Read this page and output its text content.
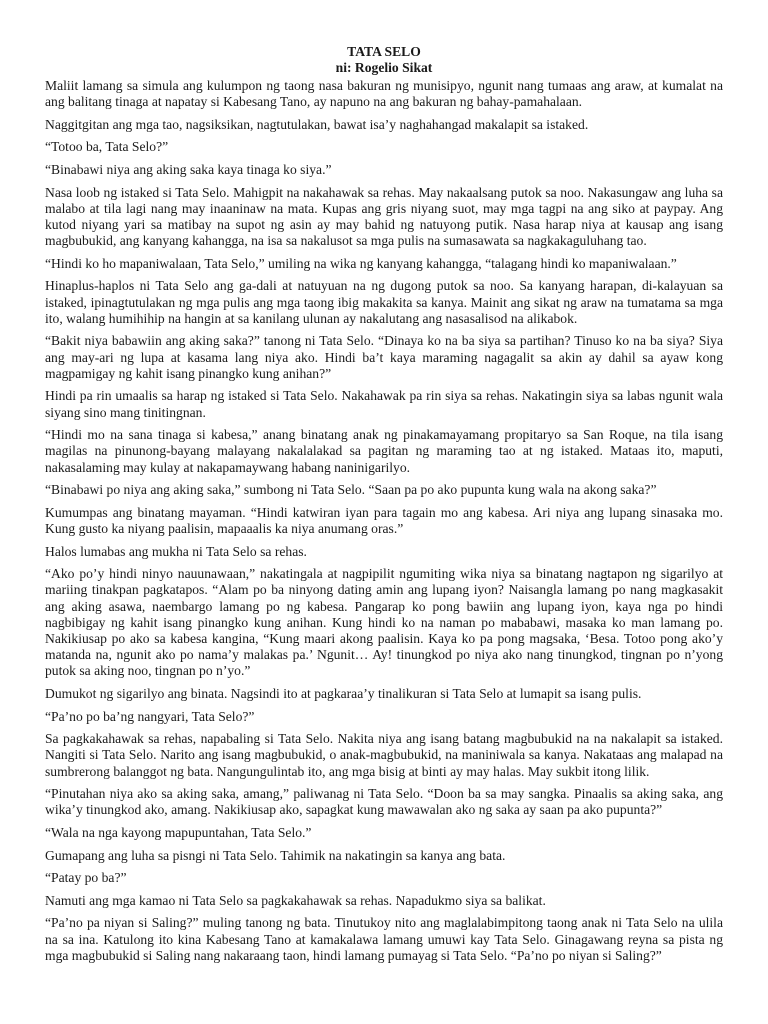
TATA SELO
ni: Rogelio Sikat

Maliit lamang sa simula ang kulumpon ng taong nasa bakuran ng munisipyo, ngunit nang tumaas ang araw, at kumalat na ang balitang tinaga at napatay si Kabesang Tano, ay napuno na ang bakuran ng bahay-pamahalaan.

Naggitgitan ang mga tao, nagsiksikan, nagtutulakan, bawat isa’y naghahangad makalapit sa istaked.

“Totoo ba, Tata Selo?”

“Binabawi niya ang aking saka kaya tinaga ko siya.”

Nasa loob ng istaked si Tata Selo. Mahigpit na nakahawak sa rehas. May nakaalsang putok sa noo. Nakasungaw ang luha sa malabo at tila lagi nang may inaaninaw na mata. Kupas ang gris niyang suot, may mga tagpi na ang siko at paypay. Ang kutod niyang yari sa matibay na supot ng asin ay may bahid ng natuyong putik. Nasa harap niya at kausap ang isang magbubukid, ang kanyang kahangga, na isa sa nakalusot sa mga pulis na sumasawata sa nagkakaguluhang tao.

“Hindi ko ho mapaniwalaan, Tata Selo,” umiling na wika ng kanyang kahangga, “talagang hindi ko mapaniwalaan.”

Hinaplus-haplos ni Tata Selo ang ga-dali at natuyuan na ng dugong putok sa noo. Sa kanyang harapan, di-kalayuan sa istaked, ipinagtutulakan ng mga pulis ang mga taong ibig makakita sa kanya. Mainit ang sikat ng araw na tumatama sa mga ito, walang humihihip na hangin at sa kanilang ulunan ay nakalutang ang nasasalisod na alikabok.

“Bakit niya babawiin ang aking saka?” tanong ni Tata Selo. “Dinaya ko na ba siya sa partihan? Tinuso ko na ba siya? Siya ang may-ari ng lupa at kasama lang niya ako. Hindi ba’t kaya maraming nagagalit sa akin ay dahil sa ayaw kong magpamigay ng kahit isang pinangko kung anihan?”

Hindi pa rin umaalis sa harap ng istaked si Tata Selo. Nakahawak pa rin siya sa rehas. Nakatingin siya sa labas ngunit wala siyang sino mang tinitingnan.

“Hindi mo na sana tinaga si kabesa,” anang binatang anak ng pinakamayamang propitaryo sa San Roque, na tila isang magilas na pinunong-bayang malayang nakalalakad sa pagitan ng maraming tao at ng istaked. Mataas ito, maputi, nakasalaming may kulay at nakapamaywang habang naninigarilyo.

“Binabawi po niya ang aking saka,” sumbong ni Tata Selo. “Saan pa po ako pupunta kung wala na akong saka?”

Kumumpas ang binatang mayaman. “Hindi katwiran iyan para tagain mo ang kabesa. Ari niya ang lupang sinasaka mo. Kung gusto ka niyang paalisin, mapaaalis ka niya anumang oras.”

Halos lumabas ang mukha ni Tata Selo sa rehas.

“Ako po’y hindi ninyo nauunawaan,” nakatingala at nagpipilit ngumiting wika niya sa binatang nagtapon ng sigarilyo at mariing tinakpan pagkatapos. “Alam po ba ninyong dating amin ang lupang iyon? Naisangla lamang po nang magkasakit ang aking asawa, naembargo lamang po ng kabesa. Pangarap ko pong bawiin ang lupang iyon, kaya nga po hindi nagbibigay ng kahit isang pinangko kung anihan. Kung hindi ko na naman po mababawi, masaka ko man lamang po. Nakikiusap po ako sa kabesa kangina, “Kung maari akong paalisin. Kaya ko pa pong magsaka, ‘Besa. Totoo pong ako’y matanda na, ngunit ako po nama’y malakas pa.’ Ngunit… Ay! tinungkod po niya ako nang tinungkod, tingnan po n’yong putok sa aking noo, tingnan po n’yo.”

Dumukot ng sigarilyo ang binata. Nagsindi ito at pagkaraa’y tinalikuran si Tata Selo at lumapit sa isang pulis.

“Pa’no po ba’ng nangyari, Tata Selo?”

Sa pagkakahawak sa rehas, napabaling si Tata Selo. Nakita niya ang isang batang magbubukid na na nakalapit sa istaked. Nangiti si Tata Selo. Narito ang isang magbubukid, o anak-magbubukid, na maniniwala sa kanya. Nakataas ang malapad na sumbrerong balanggot ng bata. Nangungulintab ito, ang mga bisig at binti ay may halas. May sukbit itong lilik.

“Pinutahan niya ako sa aking saka, amang,” paliwanag ni Tata Selo. “Doon ba sa may sangka. Pinaalis sa aking saka, ang wika’y tinungkod ako, amang. Nakikiusap ako, sapagkat kung mawawalan ako ng saka ay saan pa ako pupunta?”

“Wala na nga kayong mapupuntahan, Tata Selo.”

Gumapang ang luha sa pisngi ni Tata Selo. Tahimik na nakatingin sa kanya ang bata.

“Patay po ba?”

Namuti ang mga kamao ni Tata Selo sa pagkakahawak sa rehas. Napadukmo siya sa balikat.

“Pa’no pa niyan si Saling?” muling tanong ng bata. Tinutukoy nito ang maglalabimpitong taong anak ni Tata Selo na ulila na sa ina. Katulong ito kina Kabesang Tano at kamakalawa lamang umuwi kay Tata Selo. Ginagawang reyna sa pista ng mga magbubukid si Saling nang nakaraang taon, hindi lamang pumayag si Tata Selo. “Pa’no po niyan si Saling?”
